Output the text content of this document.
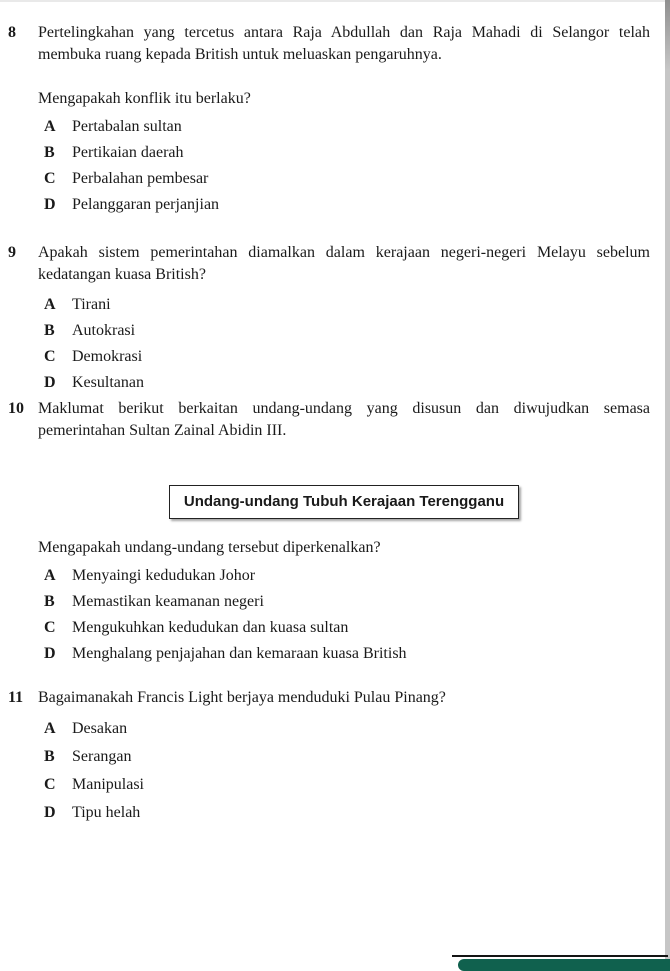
8	Pertelingkahan yang tercetus antara Raja Abdullah dan Raja Mahadi di Selangor telah membuka ruang kepada British untuk meluaskan pengaruhnya.

Mengapakah konflik itu berlaku?

A	Pertabalan sultan
B	Pertikaian daerah
C	Perbalahan pembesar
D	Pelanggaran perjanjian
9	Apakah sistem pemerintahan diamalkan dalam kerajaan negeri-negeri Melayu sebelum kedatangan kuasa British?

A	Tirani
B	Autokrasi
C	Demokrasi
D	Kesultanan
10 Maklumat berikut berkaitan undang-undang yang disusun dan diwujudkan semasa pemerintahan Sultan Zainal Abidin III.

Undang-undang Tubuh Kerajaan Terengganu

Mengapakah undang-undang tersebut diperkenalkan?

A	Menyaingi kedudukan Johor
B	Memastikan keamanan negeri
C	Mengukuhkan kedudukan dan kuasa sultan
D	Menghalang penjajahan dan kemaraan kuasa British
11 Bagaimanakah Francis Light berjaya menduduki Pulau Pinang?

A	Desakan
B	Serangan
C	Manipulasi
D	Tipu helah
